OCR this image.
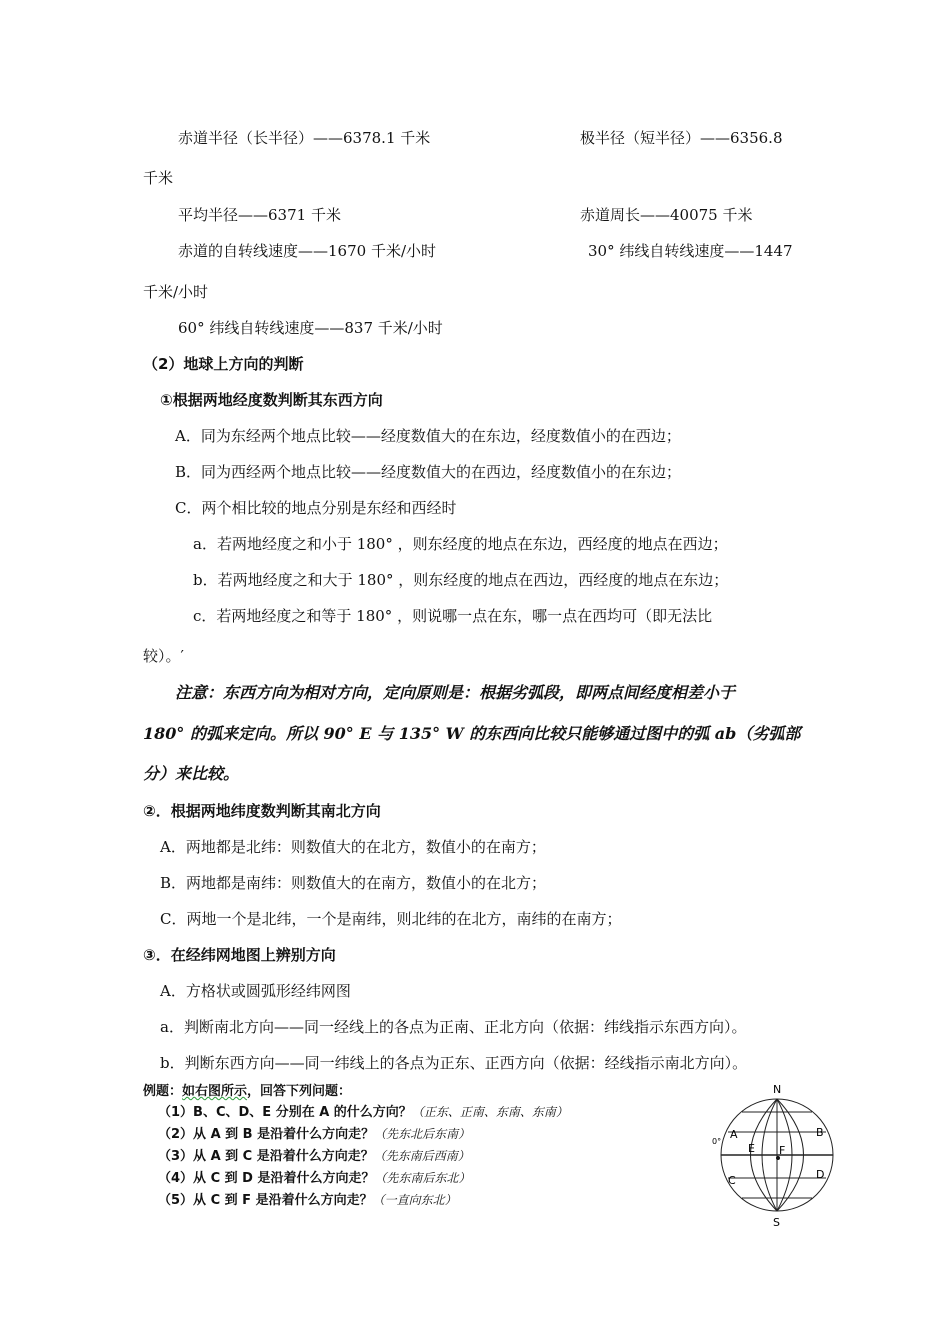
赤道半径（长半径）——6378.1 千米	极半径（短半径）——6356.8
千米
平均半径——6371 千米	赤道周长——40075 千米
赤道的自转线速度——1670 千米/小时	30° 纬线自转线速度——1447
千米/小时
60° 纬线自转线速度——837 千米/小时
（2）地球上方向的判断
①根据两地经度数判断其东西方向
A．同为东经两个地点比较——经度数值大的在东边，经度数值小的在西边；
B．同为西经两个地点比较——经度数值大的在西边，经度数值小的在东边；
C．两个相比较的地点分别是东经和西经时
a．若两地经度之和小于 180° ，则东经度的地点在东边，西经度的地点在西边；
b．若两地经度之和大于 180° ，则东经度的地点在西边，西经度的地点在东边；
c．若两地经度之和等于 180° ，则说哪一点在东，哪一点在西均可（即无法比
较）。′
注意：东西方向为相对方向，定向原则是：根据劣弧段，即两点间经度相差小于
180° 的弧来定向。所以 90° E 与 135° W 的东西向比较只能够通过图中的弧 ab（劣弧部
分）来比较。
②．根据两地纬度数判断其南北方向
A．两地都是北纬：则数值大的在北方，数值小的在南方；
B．两地都是南纬：则数值大的在南方，数值小的在北方；
C．两地一个是北纬，一个是南纬，则北纬的在北方，南纬的在南方；
③．在经纬网地图上辨别方向
A．方格状或圆弧形经纬网图
a．判断南北方向——同一经线上的各点为正南、正北方向（依据：纬线指示东西方向）。
b．判断东西方向——同一纬线上的各点为正东、正西方向（依据：经线指示南北方向）。
例题：如右图所示，回答下列问题：
（1）B、C、D、E 分别在 A 的什么方向？（正东、正南、东南、东南）
（2）从 A 到 B 是沿着什么方向走？（先东北后东南）
（3）从 A 到 C 是沿着什么方向走？（先东南后西南）
（4）从 C 到 D 是沿着什么方向走？（先东南后东北）
（5）从 C 到 F 是沿着什么方向走？（一直向东北）
N
S
A	B
C	D
E F
0°
